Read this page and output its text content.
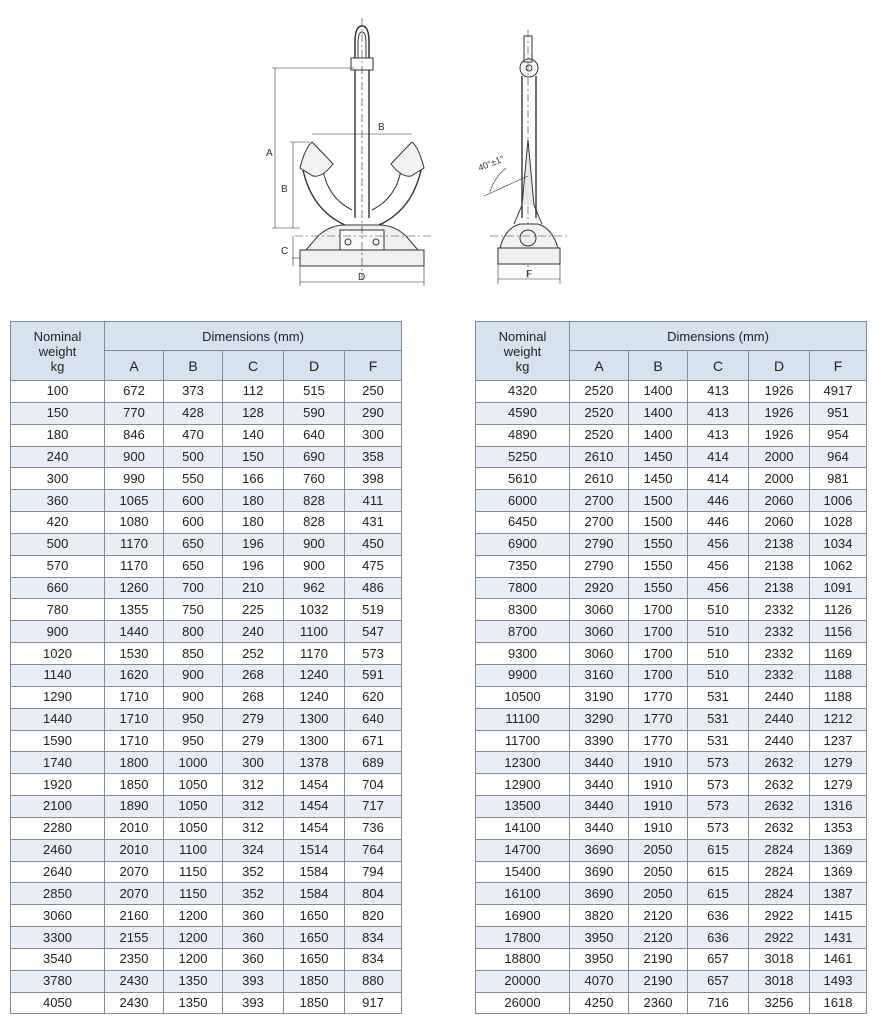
A
B
B
C
D
40°±1°
F
Nominal
weight
kg	Dimensions (mm)				
	A	B	C	D	F
100	672	373	112	515	250
150	770	428	128	590	290
180	846	470	140	640	300
240	900	500	150	690	358
300	990	550	166	760	398
360	1065	600	180	828	411
420	1080	600	180	828	431
500	1170	650	196	900	450
570	1170	650	196	900	475
660	1260	700	210	962	486
780	1355	750	225	1032	519
900	1440	800	240	1100	547
1020	1530	850	252	1170	573
1140	1620	900	268	1240	591
1290	1710	900	268	1240	620
1440	1710	950	279	1300	640
1590	1710	950	279	1300	671
1740	1800	1000	300	1378	689
1920	1850	1050	312	1454	704
2100	1890	1050	312	1454	717
2280	2010	1050	312	1454	736
2460	2010	1100	324	1514	764
2640	2070	1150	352	1584	794
2850	2070	1150	352	1584	804
3060	2160	1200	360	1650	820
3300	2155	1200	360	1650	834
3540	2350	1200	360	1650	834
3780	2430	1350	393	1850	880
4050	2430	1350	393	1850	917
Nominal
weight
kg	Dimensions (mm)				
	A	B	C	D	F
4320	2520	1400	413	1926	4917
4590	2520	1400	413	1926	951
4890	2520	1400	413	1926	954
5250	2610	1450	414	2000	964
5610	2610	1450	414	2000	981
6000	2700	1500	446	2060	1006
6450	2700	1500	446	2060	1028
6900	2790	1550	456	2138	1034
7350	2790	1550	456	2138	1062
7800	2920	1550	456	2138	1091
8300	3060	1700	510	2332	1126
8700	3060	1700	510	2332	1156
9300	3060	1700	510	2332	1169
9900	3160	1700	510	2332	1188
10500	3190	1770	531	2440	1188
11100	3290	1770	531	2440	1212
11700	3390	1770	531	2440	1237
12300	3440	1910	573	2632	1279
12900	3440	1910	573	2632	1279
13500	3440	1910	573	2632	1316
14100	3440	1910	573	2632	1353
14700	3690	2050	615	2824	1369
15400	3690	2050	615	2824	1369
16100	3690	2050	615	2824	1387
16900	3820	2120	636	2922	1415
17800	3950	2120	636	2922	1431
18800	3950	2190	657	3018	1461
20000	4070	2190	657	3018	1493
26000	4250	2360	716	3256	1618
